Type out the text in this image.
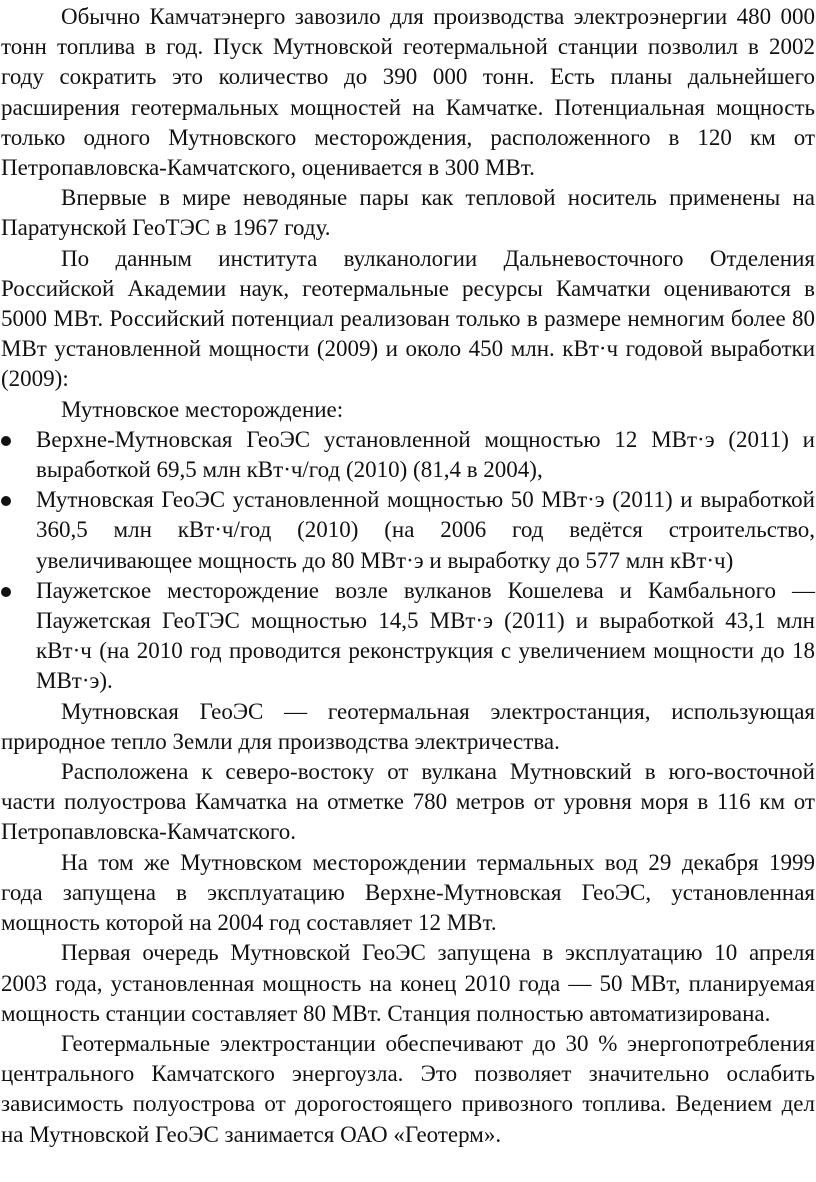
Обычно Камчатэнерго завозило для производства электроэнергии 480 000 тонн топлива в год. Пуск Мутновской геотермальной станции позволил в 2002 году сократить это количество до 390 000 тонн. Есть планы дальнейшего расширения геотермальных мощностей на Камчатке. Потенциальная мощность только одного Мутновского месторождения, расположенного в 120 км от Петропавловска-Камчатского, оценивается в 300 МВт.

Впервые в мире неводяные пары как тепловой носитель применены на Паратунской ГеоТЭС в 1967 году.

По данным института вулканологии Дальневосточного Отделения Российской Академии наук, геотермальные ресурсы Камчатки оцениваются в 5000 МВт. Российский потенциал реализован только в размере немногим более 80 МВт установленной мощности (2009) и около 450 млн. кВт·ч годовой выработки (2009):

Мутновское месторождение:

Верхне-Мутновская ГеоЭС установленной мощностью 12 МВт·э (2011) и выработкой 69,5 млн кВт·ч/год (2010) (81,4 в 2004),
Мутновская ГеоЭС установленной мощностью 50 МВт·э (2011) и выработкой 360,5 млн кВт·ч/год (2010) (на 2006 год ведётся строительство, увеличивающее мощность до 80 МВт·э и выработку до 577 млн кВт·ч)
Паужетское месторождение возле вулканов Кошелева и Камбального — Паужетская ГеоТЭС мощностью 14,5 МВт·э (2011) и выработкой 43,1 млн кВт·ч (на 2010 год проводится реконструкция с увеличением мощности до 18 МВт·э).

Мутновская ГеоЭС — геотермальная электростанция, использующая природное тепло Земли для производства электричества.

Расположена к северо-востоку от вулкана Мутновский в юго-восточной части полуострова Камчатка на отметке 780 метров от уровня моря в 116 км от Петропавловска-Камчатского.

На том же Мутновском месторождении термальных вод 29 декабря 1999 года запущена в эксплуатацию Верхне-Мутновская ГеоЭС, установленная мощность которой на 2004 год составляет 12 МВт.

Первая очередь Мутновской ГеоЭС запущена в эксплуатацию 10 апреля 2003 года, установленная мощность на конец 2010 года — 50 МВт, планируемая мощность станции составляет 80 МВт. Станция полностью автоматизирована.

Геотермальные электростанции обеспечивают до 30 % энергопотребления центрального Камчатского энергоузла. Это позволяет значительно ослабить зависимость полуострова от дорогостоящего привозного топлива. Ведением дел на Мутновской ГеоЭС занимается ОАО «Геотерм».
